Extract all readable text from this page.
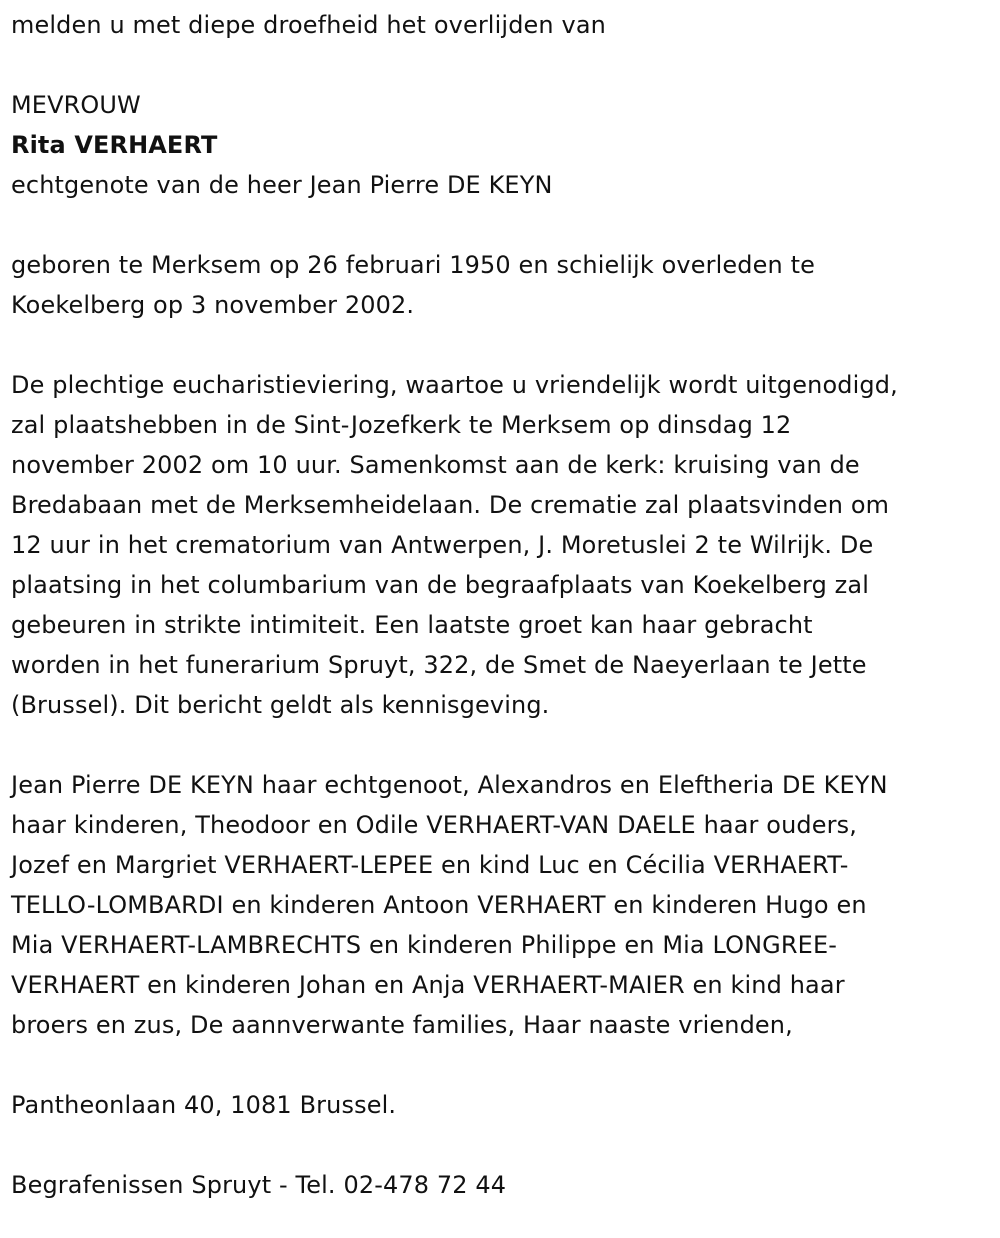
melden u met diepe droefheid het overlijden van
MEVROUW
Rita VERHAERT
echtgenote van de heer Jean Pierre DE KEYN
geboren te Merksem op 26 februari 1950 en schielijk overleden te
Koekelberg op 3 november 2002.
De plechtige eucharistieviering, waartoe u vriendelijk wordt uitgenodigd,
zal plaatshebben in de Sint-Jozefkerk te Merksem op dinsdag 12
november 2002 om 10 uur. Samenkomst aan de kerk: kruising van de
Bredabaan met de Merksemheidelaan. De crematie zal plaatsvinden om
12 uur in het crematorium van Antwerpen, J. Moretuslei 2 te Wilrijk. De
plaatsing in het columbarium van de begraafplaats van Koekelberg zal
gebeuren in strikte intimiteit. Een laatste groet kan haar gebracht
worden in het funerarium Spruyt, 322, de Smet de Naeyerlaan te Jette
(Brussel). Dit bericht geldt als kennisgeving.
Jean Pierre DE KEYN haar echtgenoot, Alexandros en Eleftheria DE KEYN
haar kinderen, Theodoor en Odile VERHAERT-VAN DAELE haar ouders,
Jozef en Margriet VERHAERT-LEPEE en kind Luc en Cécilia VERHAERT-
TELLO-LOMBARDI en kinderen Antoon VERHAERT en kinderen Hugo en
Mia VERHAERT-LAMBRECHTS en kinderen Philippe en Mia LONGREE-
VERHAERT en kinderen Johan en Anja VERHAERT-MAIER en kind haar
broers en zus, De aannverwante families, Haar naaste vrienden,
Pantheonlaan 40, 1081 Brussel.
Begrafenissen Spruyt - Tel. 02-478 72 44
